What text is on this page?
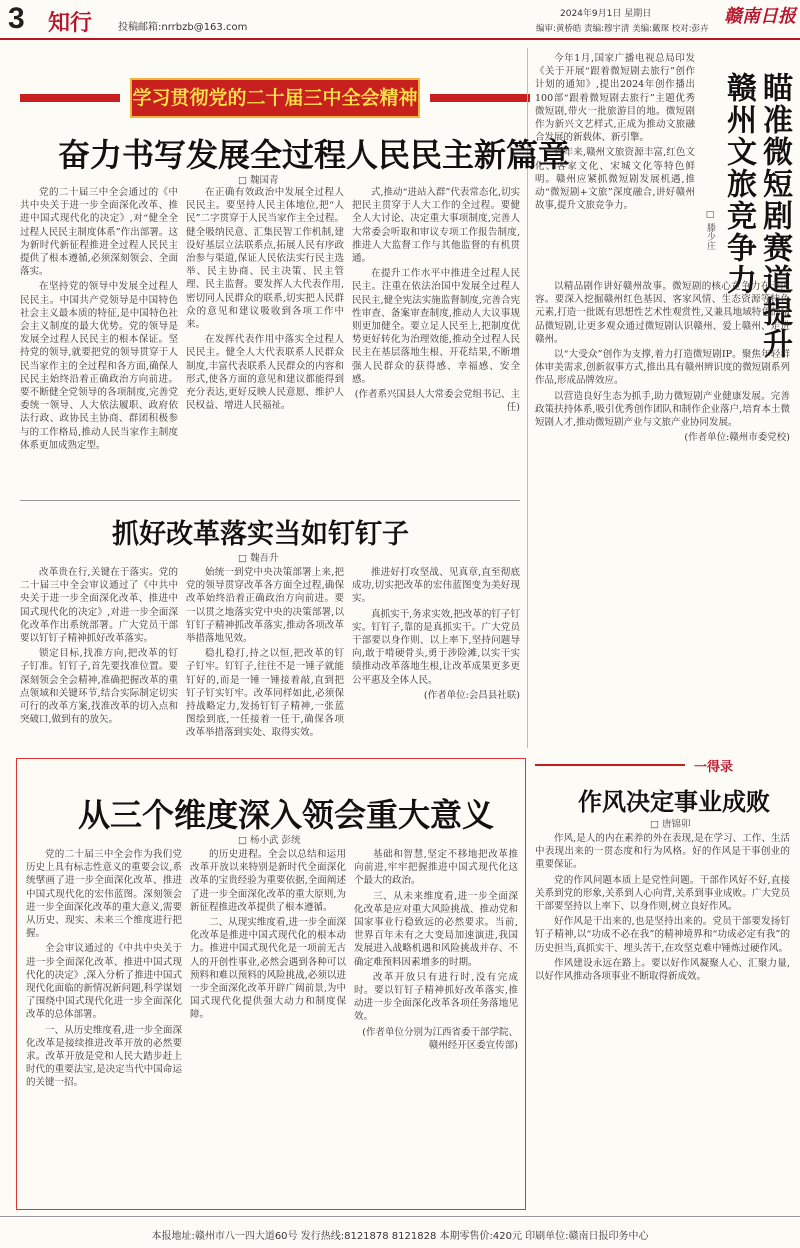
3 知行	投稿邮箱:nrrbzb@163.com
2024年9月1日 星期日	赣南日报
编审:黄桥皓 责编:穆宇清 美编:戴琛 校对:彭卉
学习贯彻党的二十届三中全会精神
奋力书写发展全过程人民民主新篇章
□ 魏国青

党的二十届三中全会通过的《中共中央关于进一步全面深化改革、推进中国式现代化的决定》,对“健全全过程人民民主制度体系”作出部署。这为新时代新征程推进全过程人民民主提供了根本遵循,必须深刻领会、全面落实。

在坚持党的领导中发展全过程人民民主。中国共产党领导是中国特色社会主义最本质的特征,是中国特色社会主义制度的最大优势。党的领导是发展全过程人民民主的根本保证。坚持党的领导,就要把党的领导贯穿于人民当家作主的全过程和各方面,确保人民民主始终沿着正确政治方向前进。要不断健全党领导的各项制度,完善党委统一领导、人大依法履职、政府依法行政、政协民主协商、群团积极参与的工作格局,推动人民当家作主制度体系更加成熟定型。

在正确有效政治中发展全过程人民民主。要坚持人民主体地位,把“人民”二字贯穿于人民当家作主全过程。健全吸纳民意、汇集民智工作机制,建设好基层立法联系点,拓展人民有序政治参与渠道,保证人民依法实行民主选举、民主协商、民主决策、民主管理、民主监督。要发挥人大代表作用,密切同人民群众的联系,切实把人民群众的意见和建议吸收到各项工作中来。

在发挥代表作用中落实全过程人民民主。健全人大代表联系人民群众制度,丰富代表联系人民群众的内容和形式,使各方面的意见和建议都能得到充分表达,更好反映人民意愿、维护人民权益、增进人民福祉。

式,推动“进站入群”代表常态化,切实把民主贯穿于人大工作的全过程。要健全人大讨论、决定重大事项制度,完善人大常委会听取和审议专项工作报告制度,推进人大监督工作与其他监督的有机贯通。

在提升工作水平中推进全过程人民民主。注重在依法治国中发展全过程人民民主,健全宪法实施监督制度,完善合宪性审查、备案审查制度,推动人大议事规则更加健全。要立足人民至上,把制度优势更好转化为治理效能,推动全过程人民民主在基层落地生根、开花结果,不断增强人民群众的获得感、幸福感、安全感。

(作者系兴国县人大常委会党组书记、主任)

抓好改革落实当如钉钉子
□ 魏吾升

改革贵在行,关键在于落实。党的二十届三中全会审议通过了《中共中央关于进一步全面深化改革、推进中国式现代化的决定》,对进一步全面深化改革作出系统部署。广大党员干部要以钉钉子精神抓好改革落实。

锁定目标,找准方向,把改革的钉子钉准。钉钉子,首先要找准位置。要深刻领会全会精神,准确把握改革的重点领域和关键环节,结合实际制定切实可行的改革方案,找准改革的切入点和突破口,做到有的放矢。

始统一到党中央决策部署上来,把党的领导贯穿改革各方面全过程,确保改革始终沿着正确政治方向前进。要一以贯之地落实党中央的决策部署,以钉钉子精神抓改革落实,推动各项改革举措落地见效。

稳扎稳打,持之以恒,把改革的钉子钉牢。钉钉子,往往不是一锤子就能钉好的,而是一锤一锤接着敲,直到把钉子钉实钉牢。改革同样如此,必须保持战略定力,发扬钉钉子精神,一张蓝图绘到底,一任接着一任干,确保各项改革举措落到实处、取得实效。

推进好打攻坚战、见真章,直至彻底成功,切实把改革的宏伟蓝图变为美好现实。

真抓实干,务求实效,把改革的钉子钉实。钉钉子,靠的是真抓实干。广大党员干部要以身作则、以上率下,坚持问题导向,敢于啃硬骨头,勇于涉险滩,以实干实绩推动改革落地生根,让改革成果更多更公平惠及全体人民。

(作者单位:会昌县社联)

从三个维度深入领会重大意义
□ 杨小武 彭统

党的二十届三中全会作为我们党历史上具有标志性意义的重要会议,系统擘画了进一步全面深化改革、推进中国式现代化的宏伟蓝图。深刻领会进一步全面深化改革的重大意义,需要从历史、现实、未来三个维度进行把握。

全会审议通过的《中共中央关于进一步全面深化改革、推进中国式现代化的决定》,深入分析了推进中国式现代化面临的新情况新问题,科学谋划了围绕中国式现代化进一步全面深化改革的总体部署。

一、从历史维度看,进一步全面深化改革是接续推进改革开放的必然要求。改革开放是党和人民大踏步赶上时代的重要法宝,是决定当代中国命运的关键一招。

的历史进程。全会以总结和运用改革开放以来特别是新时代全面深化改革的宝贵经验为重要依据,全面阐述了进一步全面深化改革的重大原则,为新征程推进改革提供了根本遵循。

二、从现实维度看,进一步全面深化改革是推进中国式现代化的根本动力。推进中国式现代化是一项前无古人的开创性事业,必然会遇到各种可以预料和难以预料的风险挑战,必须以进一步全面深化改革开辟广阔前景,为中国式现代化提供强大动力和制度保障。

基础和智慧,坚定不移地把改革推向前进,牢牢把握推进中国式现代化这个最大的政治。

三、从未来维度看,进一步全面深化改革是应对重大风险挑战、推动党和国家事业行稳致远的必然要求。当前,世界百年未有之大变局加速演进,我国发展进入战略机遇和风险挑战并存、不确定难预料因素增多的时期。

改革开放只有进行时,没有完成时。要以钉钉子精神抓好改革落实,推动进一步全面深化改革各项任务落地见效。

(作者单位分别为江西省委干部学院、赣州经开区委宣传部)

瞄准微短剧赛道提升赣州文旅竞争力
□ 滕少庄

今年1月,国家广播电视总局印发《关于开展“跟着微短剧去旅行”创作计划的通知》,提出2024年创作播出100部“跟着微短剧去旅行”主题优秀微短剧,带火一批旅游目的地。微短剧作为新兴文艺样式,正成为推动文旅融合发展的新载体、新引擎。

近年来,赣州文旅资源丰富,红色文化、客家文化、宋城文化等特色鲜明。赣州应紧抓微短剧发展机遇,推动“微短剧+文旅”深度融合,讲好赣州故事,提升文旅竞争力。

以精品剧作讲好赣州故事。微短剧的核心竞争力在于内容。要深入挖掘赣州红色基因、客家风情、生态资源等特色元素,打造一批既有思想性艺术性观赏性,又兼具地域特色的精品微短剧,让更多观众通过微短剧认识赣州、爱上赣州、走进赣州。

以“大受众”创作为支撑,着力打造微短剧IP。聚焦年轻群体审美需求,创新叙事方式,推出具有赣州辨识度的微短剧系列作品,形成品牌效应。

以营造良好生态为抓手,助力微短剧产业健康发展。完善政策扶持体系,吸引优秀创作团队和制作企业落户,培育本土微短剧人才,推动微短剧产业与文旅产业协同发展。

(作者单位:赣州市委党校)

一得录
作风决定事业成败
□ 唐锦卯

作风,是人的内在素养的外在表现,是在学习、工作、生活中表现出来的一贯态度和行为风格。好的作风是干事创业的重要保证。

党的作风问题本质上是党性问题。干部作风好不好,直接关系到党的形象,关系到人心向背,关系到事业成败。广大党员干部要坚持以上率下、以身作则,树立良好作风。

好作风是干出来的,也是坚持出来的。党员干部要发扬钉钉子精神,以“功成不必在我”的精神境界和“功成必定有我”的历史担当,真抓实干、埋头苦干,在攻坚克难中锤炼过硬作风。

作风建设永远在路上。要以好作风凝聚人心、汇聚力量,以好作风推动各项事业不断取得新成效。

本报地址:赣州市八一四大道60号 发行热线:8121878 8121828 本期零售价:420元 印刷单位:赣南日报印务中心
